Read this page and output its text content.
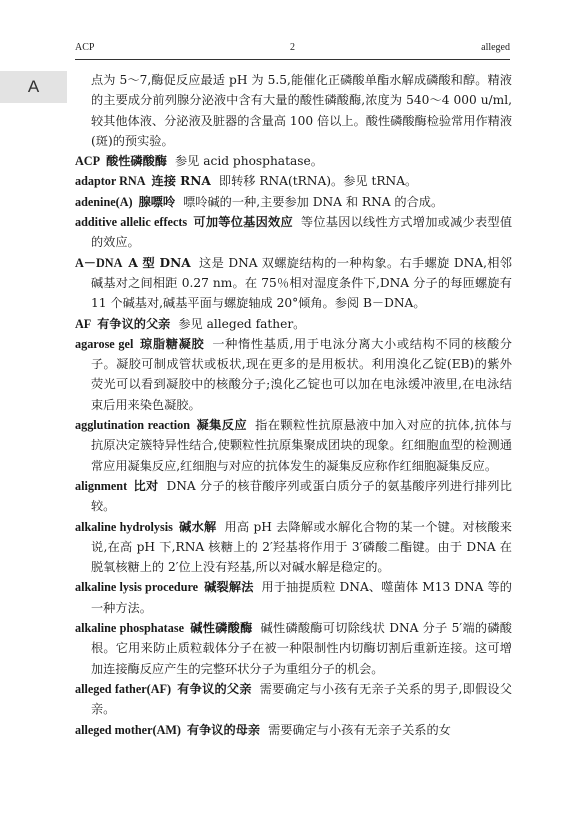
ACP	2	alleged
A	点为 5～7,酶促反应最适 pH 为 5.5,能催化正磷酸单酯水解成磷酸和醇。精液的主要成分前列腺分泌液中含有大量的酸性磷酸酶,浓度为 540～4 000 u/ml,较其他体液、分泌液及脏器的含量高 100 倍以上。酸性磷酸酶检验常用作精液(斑)的预实验。

ACP 酸性磷酸酶 参见 acid phosphatase。

adaptor RNA 连接 RNA 即转移 RNA(tRNA)。参见 tRNA。

adenine(A) 腺嘌呤 嘌呤碱的一种,主要参加 DNA 和 RNA 的合成。

additive allelic effects 可加等位基因效应 等位基因以线性方式增加或减少表型值的效应。

A－DNA A 型 DNA 这是 DNA 双螺旋结构的一种构象。右手螺旋 DNA,相邻碱基对之间相距 0.27 nm。在 75％相对湿度条件下,DNA 分子的每匝螺旋有 11 个碱基对,碱基平面与螺旋轴成 20°倾角。参阅 B－DNA。

AF 有争议的父亲 参见 alleged father。

agarose gel 琼脂糖凝胶 一种惰性基质,用于电泳分离大小或结构不同的核酸分子。凝胶可制成管状或板状,现在更多的是用板状。利用溴化乙锭(EB)的紫外荧光可以看到凝胶中的核酸分子;溴化乙锭也可以加在电泳缓冲液里,在电泳结束后用来染色凝胶。

agglutination reaction 凝集反应 指在颗粒性抗原悬液中加入对应的抗体,抗体与抗原决定簇特异性结合,使颗粒性抗原集聚成团块的现象。红细胞血型的检测通常应用凝集反应,红细胞与对应的抗体发生的凝集反应称作红细胞凝集反应。

alignment 比对 DNA 分子的核苷酸序列或蛋白质分子的氨基酸序列进行排列比较。

alkaline hydrolysis 碱水解 用高 pH 去降解或水解化合物的某一个键。对核酸来说,在高 pH 下,RNA 核糖上的 2′羟基将作用于 3′磷酸二酯键。由于 DNA 在脱氧核糖上的 2′位上没有羟基,所以对碱水解是稳定的。

alkaline lysis procedure 碱裂解法 用于抽提质粒 DNA、噬菌体 M13 DNA 等的一种方法。

alkaline phosphatase 碱性磷酸酶 碱性磷酸酶可切除线状 DNA 分子 5′端的磷酸根。它用来防止质粒载体分子在被一种限制性内切酶切割后重新连接。这可增加连接酶反应产生的完整环状分子为重组分子的机会。

alleged father(AF) 有争议的父亲 需要确定与小孩有无亲子关系的男子,即假设父亲。

alleged mother(AM) 有争议的母亲 需要确定与小孩有无亲子关系的女
